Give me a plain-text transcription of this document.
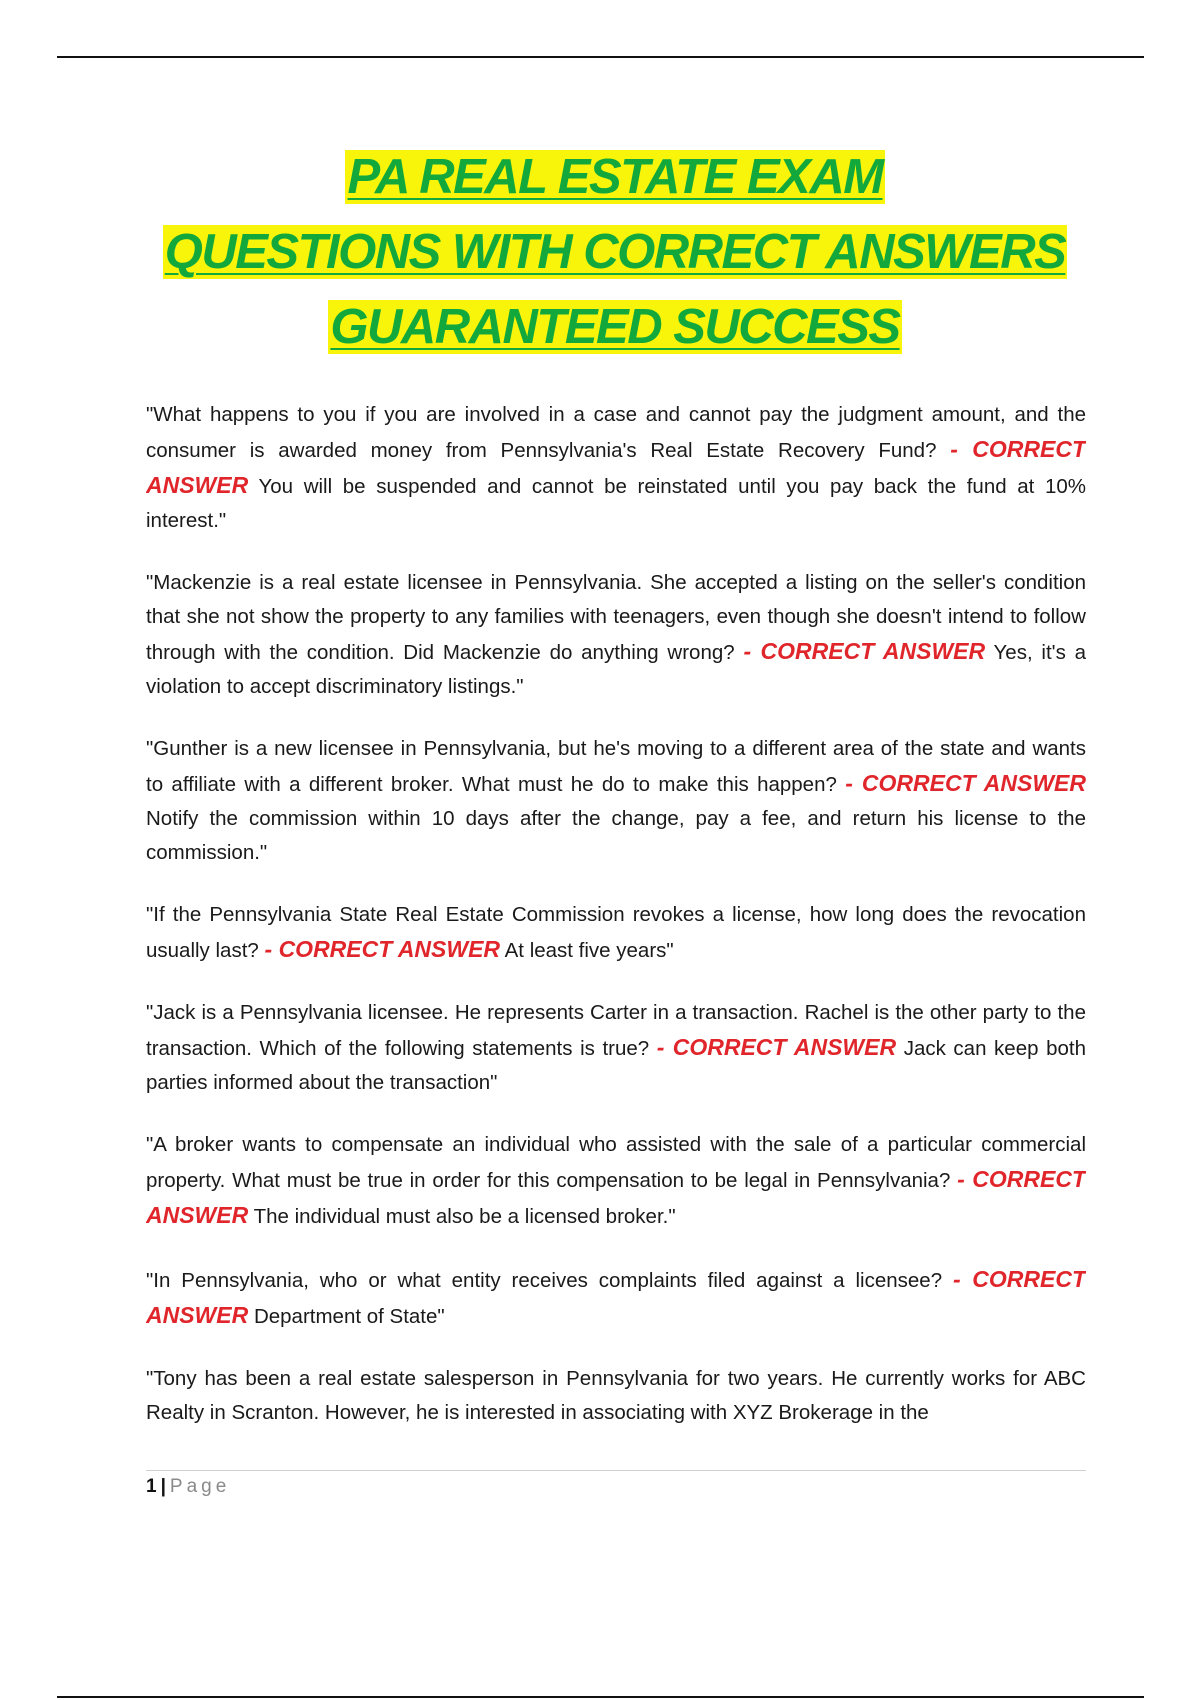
PA REAL ESTATE EXAM
QUESTIONS WITH CORRECT ANSWERS
GUARANTEED SUCCESS

"What happens to you if you are involved in a case and cannot pay the judgment amount, and the consumer is awarded money from Pennsylvania's Real Estate Recovery Fund? - CORRECT ANSWER You will be suspended and cannot be reinstated until you pay back the fund at 10% interest."

"Mackenzie is a real estate licensee in Pennsylvania. She accepted a listing on the seller's condition that she not show the property to any families with teenagers, even though she doesn't intend to follow through with the condition. Did Mackenzie do anything wrong? - CORRECT ANSWER Yes, it's a violation to accept discriminatory listings."

"Gunther is a new licensee in Pennsylvania, but he's moving to a different area of the state and wants to affiliate with a different broker. What must he do to make this happen? - CORRECT ANSWER Notify the commission within 10 days after the change, pay a fee, and return his license to the commission."

"If the Pennsylvania State Real Estate Commission revokes a license, how long does the revocation usually last? - CORRECT ANSWER At least five years"

"Jack is a Pennsylvania licensee. He represents Carter in a transaction. Rachel is the other party to the transaction. Which of the following statements is true? - CORRECT ANSWER Jack can keep both parties informed about the transaction"

"A broker wants to compensate an individual who assisted with the sale of a particular commercial property. What must be true in order for this compensation to be legal in Pennsylvania? - CORRECT ANSWER The individual must also be a licensed broker."

"In Pennsylvania, who or what entity receives complaints filed against a licensee? - CORRECT ANSWER Department of State"

"Tony has been a real estate salesperson in Pennsylvania for two years. He currently works for ABC Realty in Scranton. However, he is interested in associating with XYZ Brokerage in the

1 | Page
